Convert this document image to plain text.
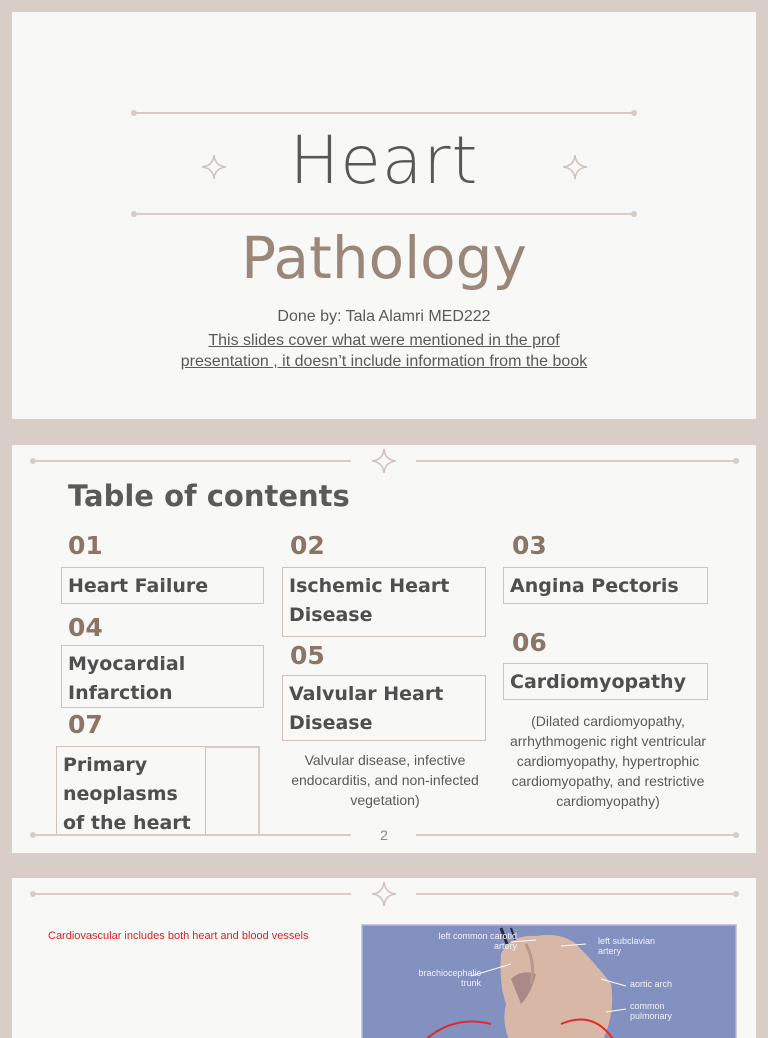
Heart
Pathology
Done by: Tala Alamri MED222
This slides cover what were mentioned in the prof
presentation , it doesn’t include information from the book
Table of contents
01
Heart Failure
04
Myocardial Infarction
07
Primary neoplasms of the heart
02
Ischemic Heart Disease
05
Valvular Heart Disease
Valvular disease, infective endocarditis, and non-infected vegetation)
03
Angina Pectoris
06
Cardiomyopathy
(Dilated cardiomyopathy, arrhythmogenic right ventricular cardiomyopathy, hypertrophic cardiomyopathy, and restrictive cardiomyopathy)
2
Cardiovascular includes both heart and blood vessels	left common carotid artery	left subclavian artery
brachiocephalic trunk	aortic arch
common pulmonary
